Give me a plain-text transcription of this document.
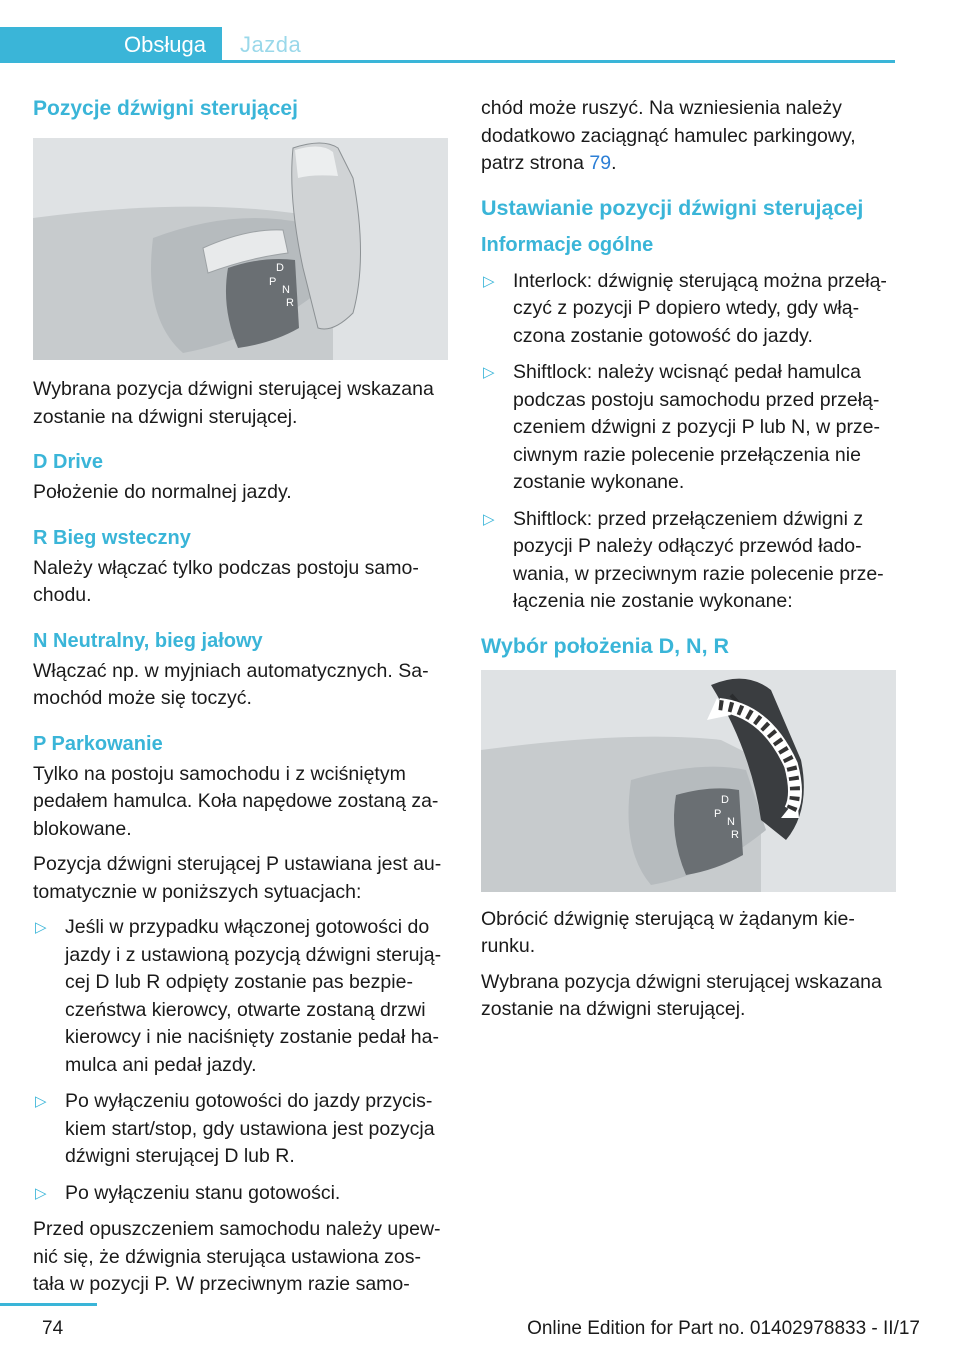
Obsługa	Jazda
Pozycje dźwigni sterującej
D
P
N
R

Wybrana pozycja dźwigni sterującej wskazana zostanie na dźwigni sterującej.

D Drive

Położenie do normalnej jazdy.

R Bieg wsteczny

Należy włączać tylko podczas postoju samo-chodu.

N Neutralny, bieg jałowy

Włączać np. w myjniach automatycznych. Sa-mochód może się toczyć.

P Parkowanie

Tylko na postoju samochodu i z wciśniętym pedałem hamulca. Koła napędowe zostaną za-blokowane.

Pozycja dźwigni sterującej P ustawiana jest au-tomatycznie w poniższych sytuacjach:

▷ Jeśli w przypadku włączonej gotowości do jazdy i z ustawioną pozycją dźwigni sterują-cej D lub R odpięty zostanie pas bezpie-czeństwa kierowcy, otwarte zostaną drzwi kierowcy i nie naciśnięty zostanie pedał ha-mulca ani pedał jazdy.
▷ Po wyłączeniu gotowości do jazdy przycis-kiem start/stop, gdy ustawiona jest pozycja dźwigni sterującej D lub R.
▷ Po wyłączeniu stanu gotowości.

Przed opuszczeniem samochodu należy upew-nić się, że dźwignia sterująca ustawiona zos-tała w pozycji P. W przeciwnym razie samo-

chód może ruszyć. Na wzniesienia należy dodatkowo zaciągnąć hamulec parkingowy, patrz strona 79.

Ustawianie pozycji dźwigni sterującej
Informacje ogólne
▷ Interlock: dźwignię sterującą można przełą-czyć z pozycji P dopiero wtedy, gdy włą-czona zostanie gotowość do jazdy.
▷ Shiftlock: należy wcisnąć pedał hamulca podczas postoju samochodu przed przełą-czeniem dźwigni z pozycji P lub N, w prze-ciwnym razie polecenie przełączenia nie zostanie wykonane.
▷ Shiftlock: przed przełączeniem dźwigni z pozycji P należy odłączyć przewód łado-wania, w przeciwnym razie polecenie prze-łączenia nie zostanie wykonane:
Wybór położenia D, N, R
D
P
N
R

Obrócić dźwignię sterującą w żądanym kie-runku.

Wybrana pozycja dźwigni sterującej wskazana zostanie na dźwigni sterującej.

74	Online Edition for Part no. 01402978833 - II/17
